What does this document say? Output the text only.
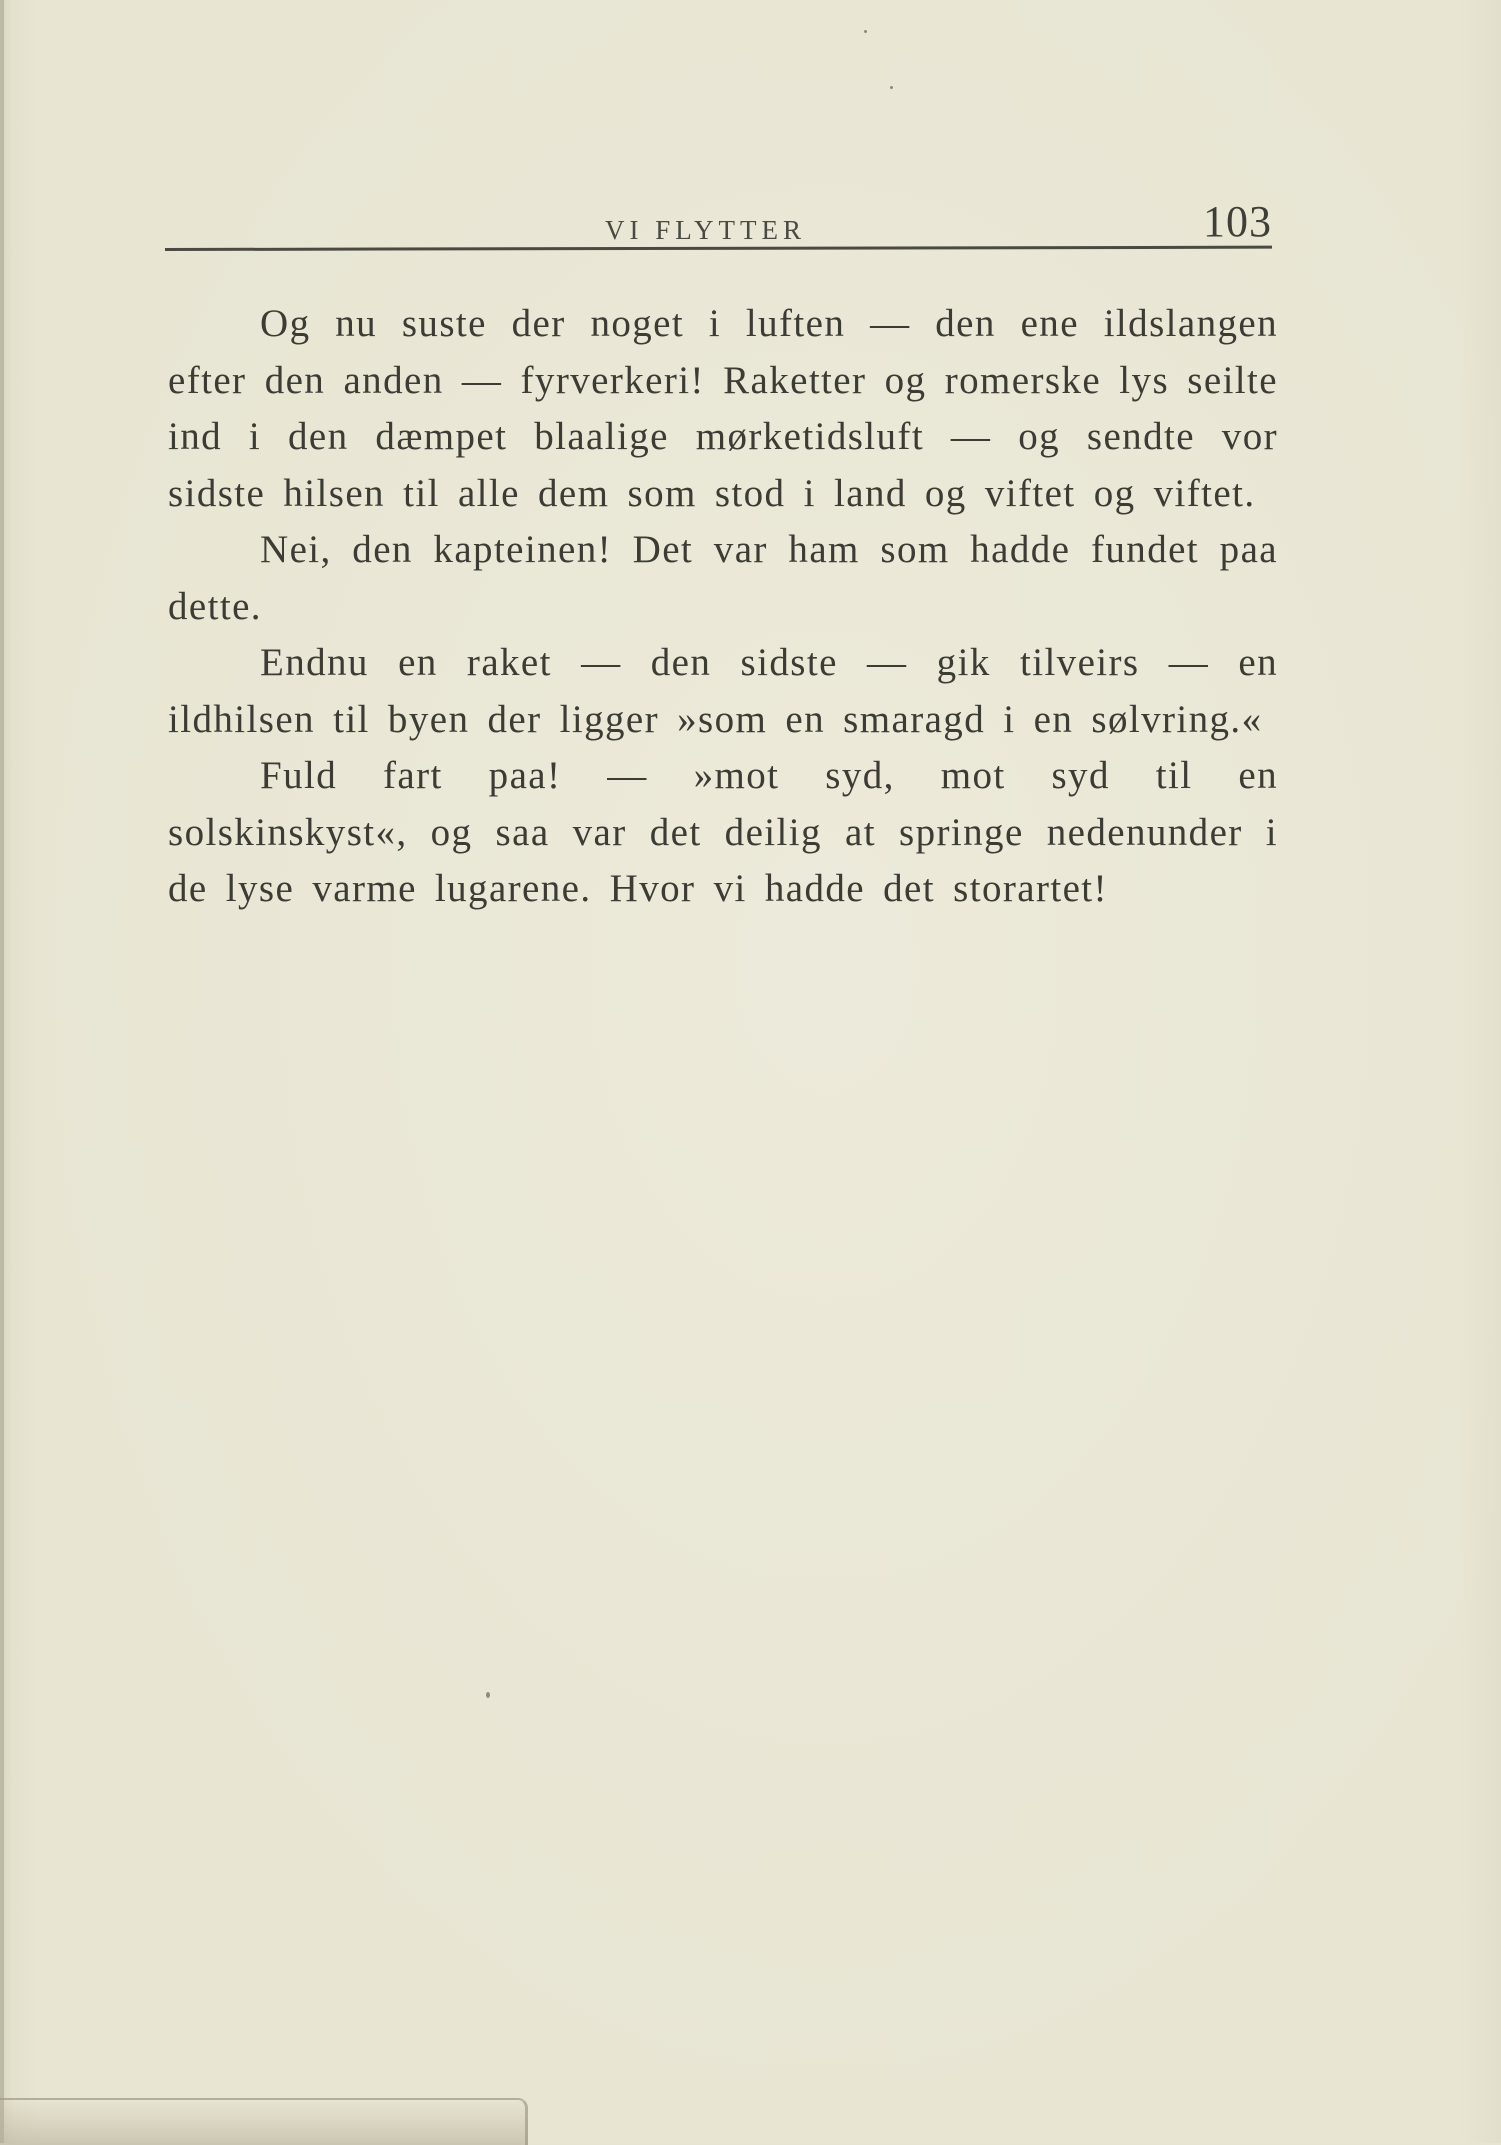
VI FLYTTER	103

Og nu suste der noget i luften — den ene ildslangen efter den anden — fyrverkeri! Raketter og romerske lys seilte ind i den dæmpet blaalige mørketidsluft — og sendte vor sidste hilsen til alle dem som stod i land og viftet og viftet.

Nei, den kapteinen! Det var ham som hadde fundet paa dette.

Endnu en raket — den sidste — gik tilveirs — en ildhilsen til byen der ligger »som en smaragd i en sølvring.«

Fuld fart paa! — »mot syd, mot syd til en solskinskyst«, og saa var det deilig at springe nedenunder i de lyse varme lugarene. Hvor vi hadde det storartet!
